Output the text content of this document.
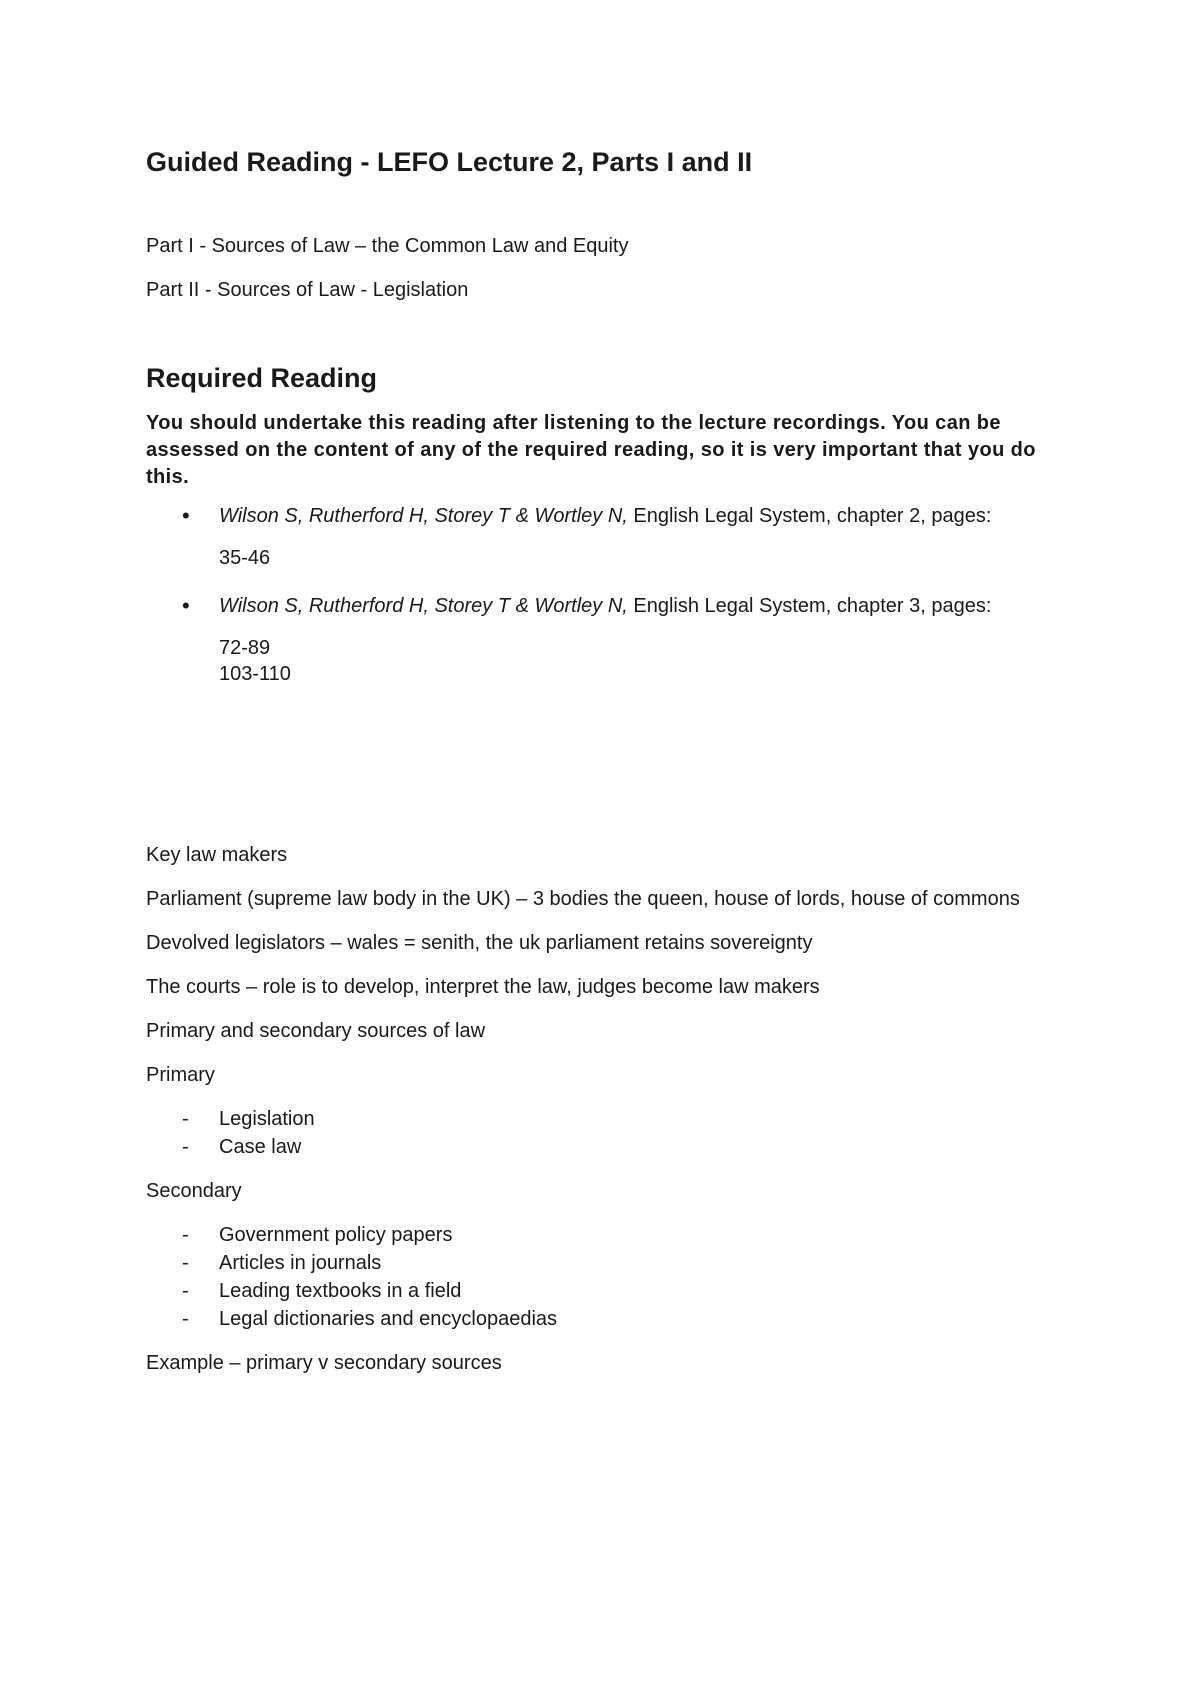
Guided Reading - LEFO Lecture 2, Parts I and II
Part I - Sources of Law – the Common Law and Equity
Part II - Sources of Law - Legislation
Required Reading
You should undertake this reading after listening to the lecture recordings. You can be assessed on the content of any of the required reading, so it is very important that you do this.
• Wilson S, Rutherford H, Storey T & Wortley N, English Legal System, chapter 2, pages:
35-46
• Wilson S, Rutherford H, Storey T & Wortley N, English Legal System, chapter 3, pages:
72-89
103-110
Key law makers
Parliament (supreme law body in the UK) – 3 bodies the queen, house of lords, house of commons
Devolved legislators – wales = senith, the uk parliament retains sovereignty
The courts – role is to develop, interpret the law, judges become law makers
Primary and secondary sources of law
Primary
- Legislation
- Case law
Secondary
- Government policy papers
- Articles in journals
- Leading textbooks in a field
- Legal dictionaries and encyclopaedias
Example – primary v secondary sources
